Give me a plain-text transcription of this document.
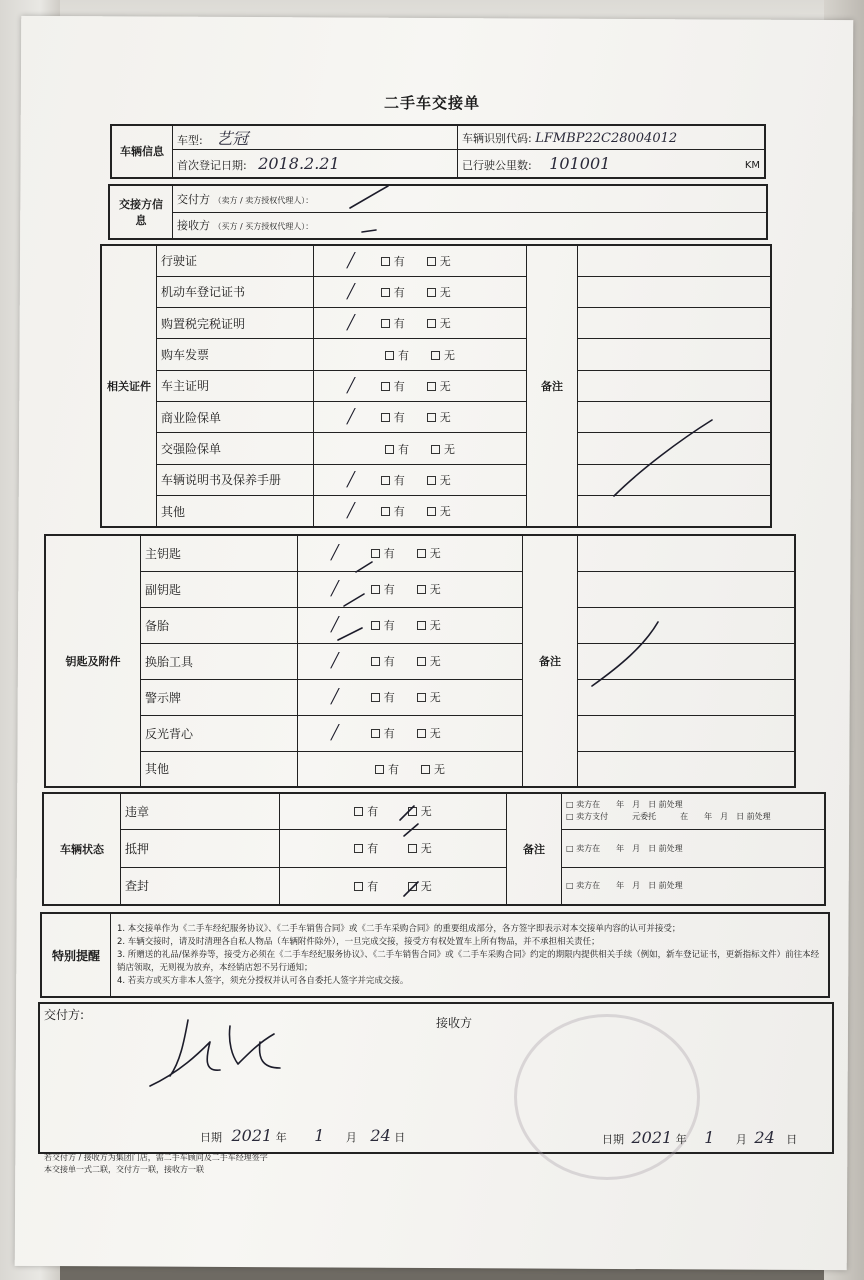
二手车交接单
车辆信息	车型: 艺冠	车辆识别代码: LFMBP22C28004012
	首次登记日期: 2018.2.21	已行驶公里数: 101001 KM
交接方信息	交付方 （卖方 / 卖方授权代理人）：
接收方 （买方 / 买方授权代理人）：
相关证件	行驶证	有 无╱	备注	
	机动车登记证书	有 无╱		
	购置税完税证明	有 无╱		
	购车发票	有 无		
	车主证明	有 无╱		
	商业险保单	有 无╱		
	交强险保单	有 无		
	车辆说明书及保养手册	有 无╱		
	其他	有 无╱		
钥匙及附件	主钥匙	有 无╱	备注	
	副钥匙	有 无╱		
	备胎	有 无╱		
	换胎工具	有 无╱		
	警示牌	有 无╱		
	反光背心	有 无╱		
	其他	有 无		
车辆状态	违章	有 无	备注	□ 卖方在　　年　月　日 前处理
□ 卖方支付　　　元委托　　　在　　年　月　日 前处理

	抵押	有 无		□ 卖方在　　年　月　日 前处理
	查封	有 无		□ 卖方在　　年　月　日 前处理
特别提醒	
1. 本交接单作为《二手车经纪服务协议》、《二手车销售合同》或《二手车采购合同》的重要组成部分，各方签字即表示对本交接单内容的认可并接受；
2. 车辆交接时，请及时清理各自私人物品（车辆附件除外），一旦完成交接，接受方有权处置车上所有物品，并不承担相关责任；
3. 所赠送的礼品/保养券等，接受方必须在《二手车经纪服务协议》、《二手车销售合同》或《二手车采购合同》约定的期限内提供相关手续（例如，新车登记证书，更新指标文件）前往本经销店领取，无则视为放弃，本经销店恕不另行通知；
4. 若卖方或买方非本人签字，须充分授权并认可各自委托人签字并完成交接。
交付方:
接收方
日期 2021 年 1 月 24 日	日期 2021 年 1 月 24 日
若交付方 / 接收方为集团门店，需二手车顾问及二手车经理签字
本交接单一式二联，交付方一联，接收方一联
